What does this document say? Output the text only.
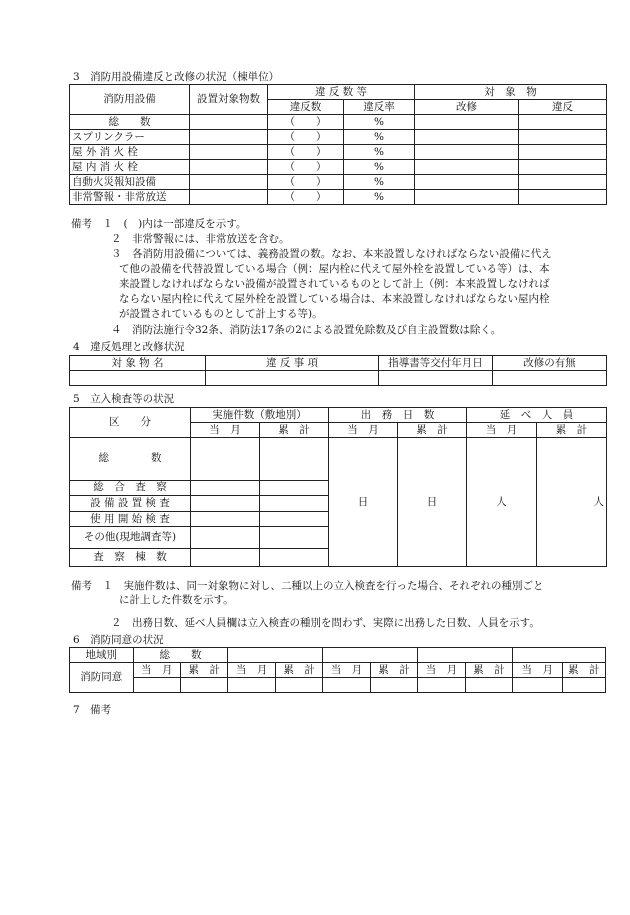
3　消防用設備違反と改修の状況（棟単位）
消防用設備	設置対象物数	違 反 数 等		対　象　物	
		違反数	違反率	改修	違反
総　　数		（　　）	%		
スプリンクラー		（　　）	%		
屋 外 消 火 栓		（　　）	%		
屋 内 消 火 栓		（　　）	%		
自動火災報知設備		（　　）	%		
非常警報・非常放送		（　　）	%		
備考　１　(　)内は一部違反を示す。
２　非常警報には、非常放送を含む。
３　各消防用設備については、義務設置の数。なお、本来設置しなければならない設備に代え
て他の設備を代替設置している場合（例：屋内栓に代えて屋外栓を設置している等）は、本
来設置しなければならない設備が設置されているものとして計上（例：本来設置しなければ
ならない屋内栓に代えて屋外栓を設置している場合は、本来設置しなければならない屋内栓
が設置されているものとして計上する等)。
４　消防法施行令32条、消防法17条の2による設置免除数及び自主設置数は除く。
4　違反処理と改修状況
対 象 物 名	違 反 事 項	指導書等交付年月日	改修の有無

5　立入検査等の状況
区　　分	実施件数（敷地別）		出　務　日　数		延　べ　人　員	
	当　月	累　計	当　月	累　計	当　月	累　計
総　　　　数			日	日	人	人
総　合　査　察						
設 備 設 置 検 査						
使 用 開 始 検 査						
その他(現地調査等)						
査　察　棟　数						
備考　１　実施件数は、同一対象物に対し、二種以上の立入検査を行った場合、それぞれの種別ごと
に計上した件数を示す。
２　出務日数、延べ人員欄は立入検査の種別を問わず、実際に出務した日数、人員を示す。
6　消防同意の状況
地域別	総　　数									
消防同意	当　月	累　計	当　月	累　計	当　月	累　計	当　月	累　計	当　月	累　計

7　備考
